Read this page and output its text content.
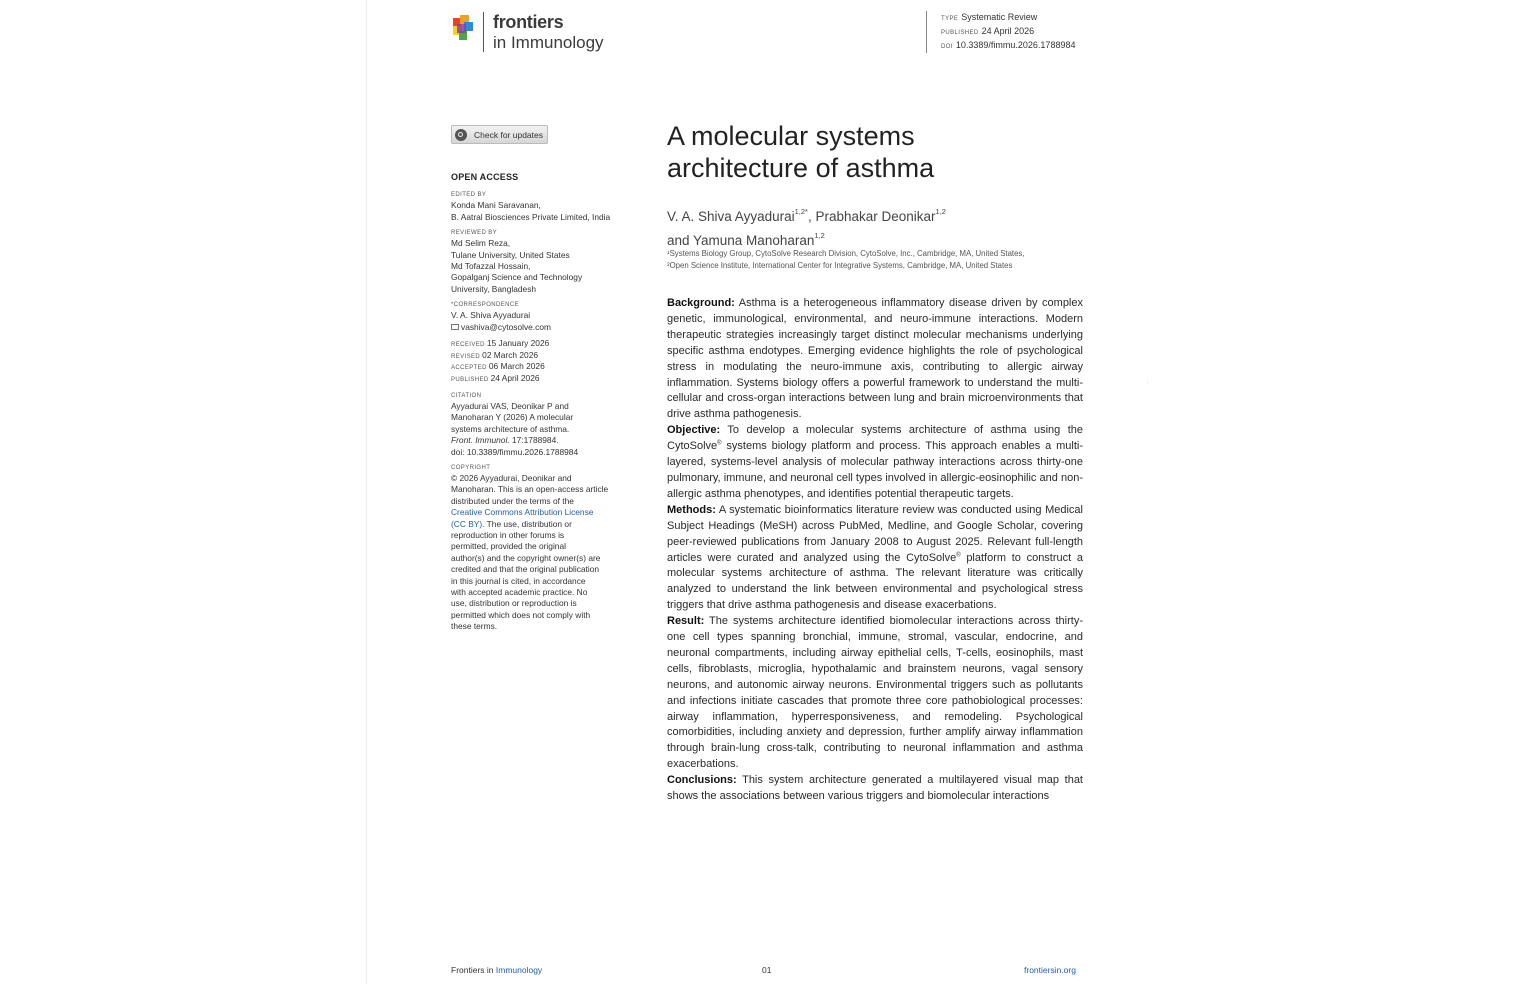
frontiers
in Immunology
TYPE Systematic Review
PUBLISHED 24 April 2026
DOI 10.3389/fimmu.2026.1788984
Check for updates
OPEN ACCESS
EDITED BY
Konda Mani Saravanan,
B. Aatral Biosciences Private Limited, India
REVIEWED BY
Md Selim Reza,
Tulane University, United States
Md Tofazzal Hossain,
Gopalganj Science and Technology
University, Bangladesh
*CORRESPONDENCE
V. A. Shiva Ayyadurai
vashiva@cytosolve.com
RECEIVED 15 January 2026
REVISED 02 March 2026
ACCEPTED 06 March 2026
PUBLISHED 24 April 2026
CITATION
Ayyadurai VAS, Deonikar P and
Manoharan Y (2026) A molecular
systems architecture of asthma.
Front. Immunol. 17:1788984.
doi: 10.3389/fimmu.2026.1788984
COPYRIGHT
© 2026 Ayyadurai, Deonikar and
Manoharan. This is an open-access article
distributed under the terms of the
Creative Commons Attribution License
(CC BY). The use, distribution or
reproduction in other forums is
permitted, provided the original
author(s) and the copyright owner(s) are
credited and that the original publication
in this journal is cited, in accordance
with accepted academic practice. No
use, distribution or reproduction is
permitted which does not comply with
these terms.
A molecular systems
architecture of asthma
V. A. Shiva Ayyadurai$^{1,2*}$, Prabhakar Deonikar$^{1,2}$
and Yamuna Manoharan$^{1,2}$
¹Systems Biology Group, CytoSolve Research Division, CytoSolve, Inc., Cambridge, MA, United States,
²Open Science Institute, International Center for Integrative Systems, Cambridge, MA, United States

Background: Asthma is a heterogeneous inflammatory disease driven by complex genetic, immunological, environmental, and neuro-immune interactions. Modern therapeutic strategies increasingly target distinct molecular mechanisms underlying specific asthma endotypes. Emerging evidence highlights the role of psychological stress in modulating the neuro-immune axis, contributing to allergic airway inflammation. Systems biology offers a powerful framework to understand the multi-cellular and cross-organ interactions between lung and brain microenvironments that drive asthma pathogenesis.

Objective: To develop a molecular systems architecture of asthma using the CytoSolve® systems biology platform and process. This approach enables a multi-layered, systems-level analysis of molecular pathway interactions across thirty-one pulmonary, immune, and neuronal cell types involved in allergic-eosinophilic and non-allergic asthma phenotypes, and identifies potential therapeutic targets.

Methods: A systematic bioinformatics literature review was conducted using Medical Subject Headings (MeSH) across PubMed, Medline, and Google Scholar, covering peer-reviewed publications from January 2008 to August 2025. Relevant full-length articles were curated and analyzed using the CytoSolve® platform to construct a molecular systems architecture of asthma. The relevant literature was critically analyzed to understand the link between environmental and psychological stress triggers that drive asthma pathogenesis and disease exacerbations.

Result: The systems architecture identified biomolecular interactions across thirty-one cell types spanning bronchial, immune, stromal, vascular, endocrine, and neuronal compartments, including airway epithelial cells, T-cells, eosinophils, mast cells, fibroblasts, microglia, hypothalamic and brainstem neurons, vagal sensory neurons, and autonomic airway neurons. Environmental triggers such as pollutants and infections initiate cascades that promote three core pathobiological processes: airway inflammation, hyperresponsiveness, and remodeling. Psychological comorbidities, including anxiety and depression, further amplify airway inflammation through brain-lung cross-talk, contributing to neuronal inflammation and asthma exacerbations.

Conclusions: This system architecture generated a multilayered visual map that shows the associations between various triggers and biomolecular interactions

Frontiers in Immunology	01	frontiersin.org
